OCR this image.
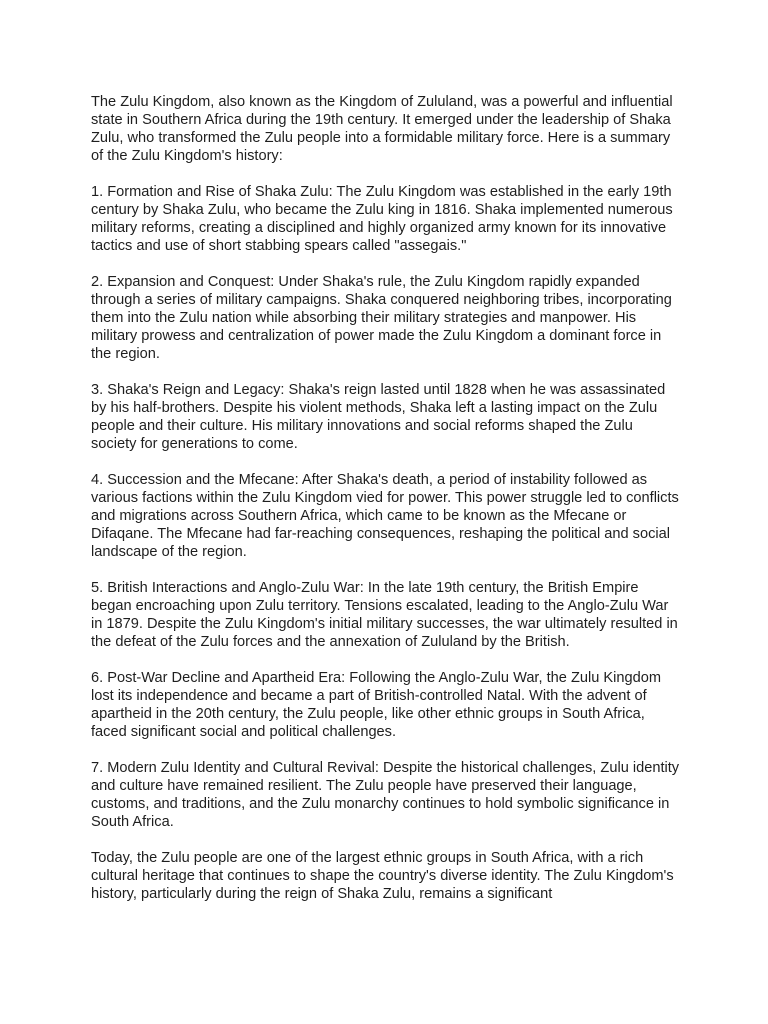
The Zulu Kingdom, also known as the Kingdom of Zululand, was a powerful and influential state in Southern Africa during the 19th century. It emerged under the leadership of Shaka Zulu, who transformed the Zulu people into a formidable military force. Here is a summary of the Zulu Kingdom's history:

1. Formation and Rise of Shaka Zulu: The Zulu Kingdom was established in the early 19th century by Shaka Zulu, who became the Zulu king in 1816. Shaka implemented numerous military reforms, creating a disciplined and highly organized army known for its innovative tactics and use of short stabbing spears called "assegais."

2. Expansion and Conquest: Under Shaka's rule, the Zulu Kingdom rapidly expanded through a series of military campaigns. Shaka conquered neighboring tribes, incorporating them into the Zulu nation while absorbing their military strategies and manpower. His military prowess and centralization of power made the Zulu Kingdom a dominant force in the region.

3. Shaka's Reign and Legacy: Shaka's reign lasted until 1828 when he was assassinated by his half-brothers. Despite his violent methods, Shaka left a lasting impact on the Zulu people and their culture. His military innovations and social reforms shaped the Zulu society for generations to come.

4. Succession and the Mfecane: After Shaka's death, a period of instability followed as various factions within the Zulu Kingdom vied for power. This power struggle led to conflicts and migrations across Southern Africa, which came to be known as the Mfecane or Difaqane. The Mfecane had far-reaching consequences, reshaping the political and social landscape of the region.

5. British Interactions and Anglo-Zulu War: In the late 19th century, the British Empire began encroaching upon Zulu territory. Tensions escalated, leading to the Anglo-Zulu War in 1879. Despite the Zulu Kingdom's initial military successes, the war ultimately resulted in the defeat of the Zulu forces and the annexation of Zululand by the British.

6. Post-War Decline and Apartheid Era: Following the Anglo-Zulu War, the Zulu Kingdom lost its independence and became a part of British-controlled Natal. With the advent of apartheid in the 20th century, the Zulu people, like other ethnic groups in South Africa, faced significant social and political challenges.

7. Modern Zulu Identity and Cultural Revival: Despite the historical challenges, Zulu identity and culture have remained resilient. The Zulu people have preserved their language, customs, and traditions, and the Zulu monarchy continues to hold symbolic significance in South Africa.

Today, the Zulu people are one of the largest ethnic groups in South Africa, with a rich cultural heritage that continues to shape the country's diverse identity. The Zulu Kingdom's history, particularly during the reign of Shaka Zulu, remains a significant
